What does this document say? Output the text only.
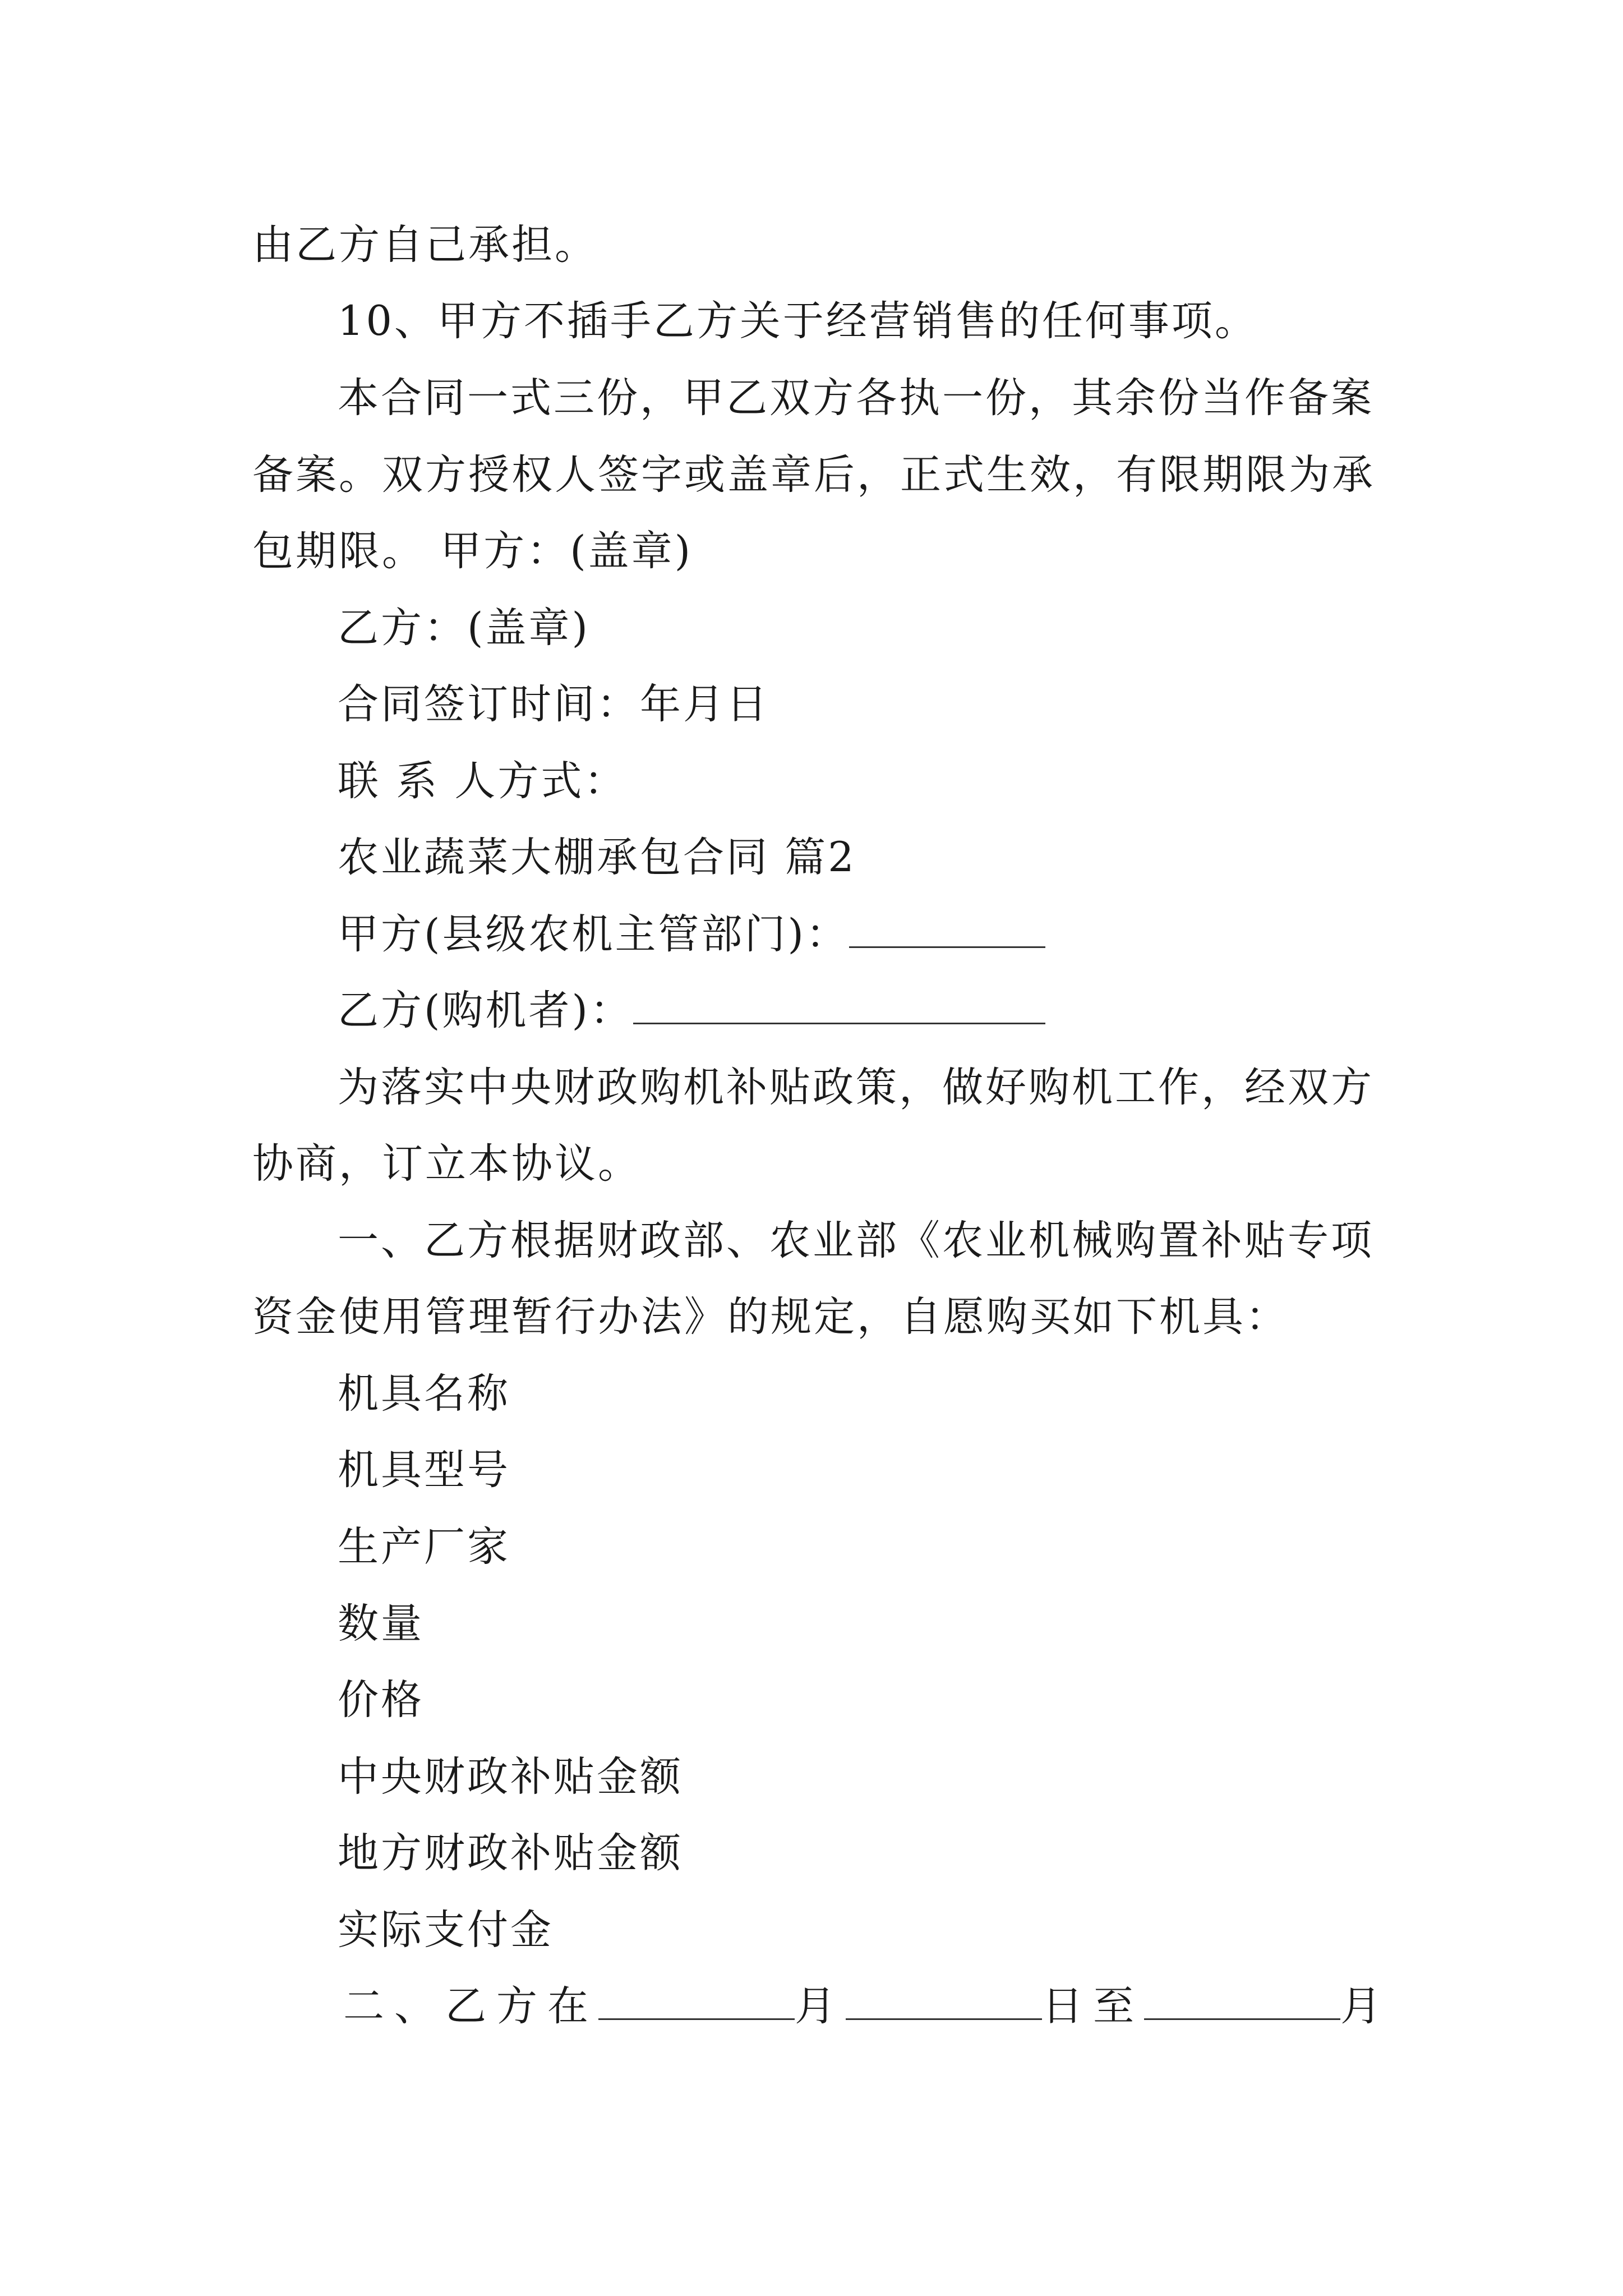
由乙方自己承担。
10、甲方不插手乙方关于经营销售的任何事项。
本合同一式三份，甲乙双方各执一份，其余份当作备案
备案。双方授权人签字或盖章后，正式生效，有限期限为承
包期限。 甲方：(盖章)
乙方：(盖章)
合同签订时间：年月日
联 系 人方式：
农业蔬菜大棚承包合同 篇2
甲方(县级农机主管部门)：
乙方(购机者)：
为落实中央财政购机补贴政策，做好购机工作，经双方
协商，订立本协议。
一、乙方根据财政部、农业部《农业机械购置补贴专项
资金使用管理暂行办法》的规定，自愿购买如下机具：
机具名称
机具型号
生产厂家
数量
价格
中央财政补贴金额
地方财政补贴金额
实际支付金
二、乙方在	月	日至	月
